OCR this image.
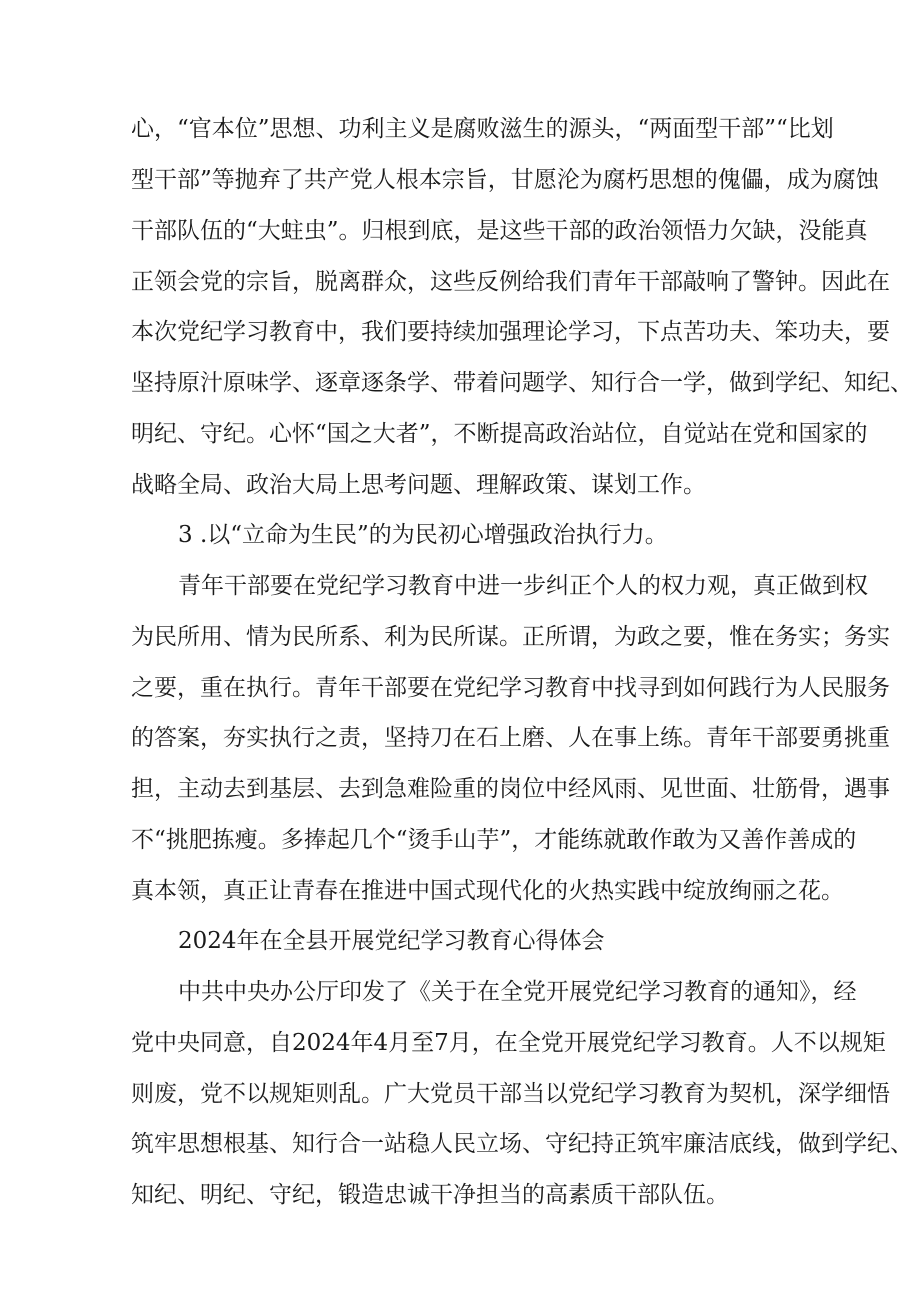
心，“官本位”思想、功利主义是腐败滋生的源头，“两面型干部”“比划
型干部”等抛弃了共产党人根本宗旨，甘愿沦为腐朽思想的傀儡，成为腐蚀
干部队伍的“大蛀虫”。归根到底，是这些干部的政治领悟力欠缺，没能真
正领会党的宗旨，脱离群众，这些反例给我们青年干部敲响了警钟。因此在
本次党纪学习教育中，我们要持续加强理论学习，下点苦功夫、笨功夫，要
坚持原汁原味学、逐章逐条学、带着问题学、知行合一学，做到学纪、知纪、
明纪、守纪。心怀“国之大者”，不断提高政治站位，自觉站在党和国家的
战略全局、政治大局上思考问题、理解政策、谋划工作。
3 .以“立命为生民”的为民初心增强政治执行力。
青年干部要在党纪学习教育中进一步纠正个人的权力观，真正做到权
为民所用、情为民所系、利为民所谋。正所谓，为政之要，惟在务实；务实
之要，重在执行。青年干部要在党纪学习教育中找寻到如何践行为人民服务
的答案，夯实执行之责，坚持刀在石上磨、人在事上练。青年干部要勇挑重
担，主动去到基层、去到急难险重的岗位中经风雨、见世面、壮筋骨，遇事
不“挑肥拣瘦。多捧起几个“烫手山芋”，才能练就敢作敢为又善作善成的
真本领，真正让青春在推进中国式现代化的火热实践中绽放绚丽之花。
2024年在全县开展党纪学习教育心得体会
中共中央办公厅印发了《关于在全党开展党纪学习教育的通知》，经
党中央同意，自2024年4月至7月，在全党开展党纪学习教育。人不以规矩
则废，党不以规矩则乱。广大党员干部当以党纪学习教育为契机，深学细悟
筑牢思想根基、知行合一站稳人民立场、守纪持正筑牢廉洁底线，做到学纪、
知纪、明纪、守纪，锻造忠诚干净担当的高素质干部队伍。
